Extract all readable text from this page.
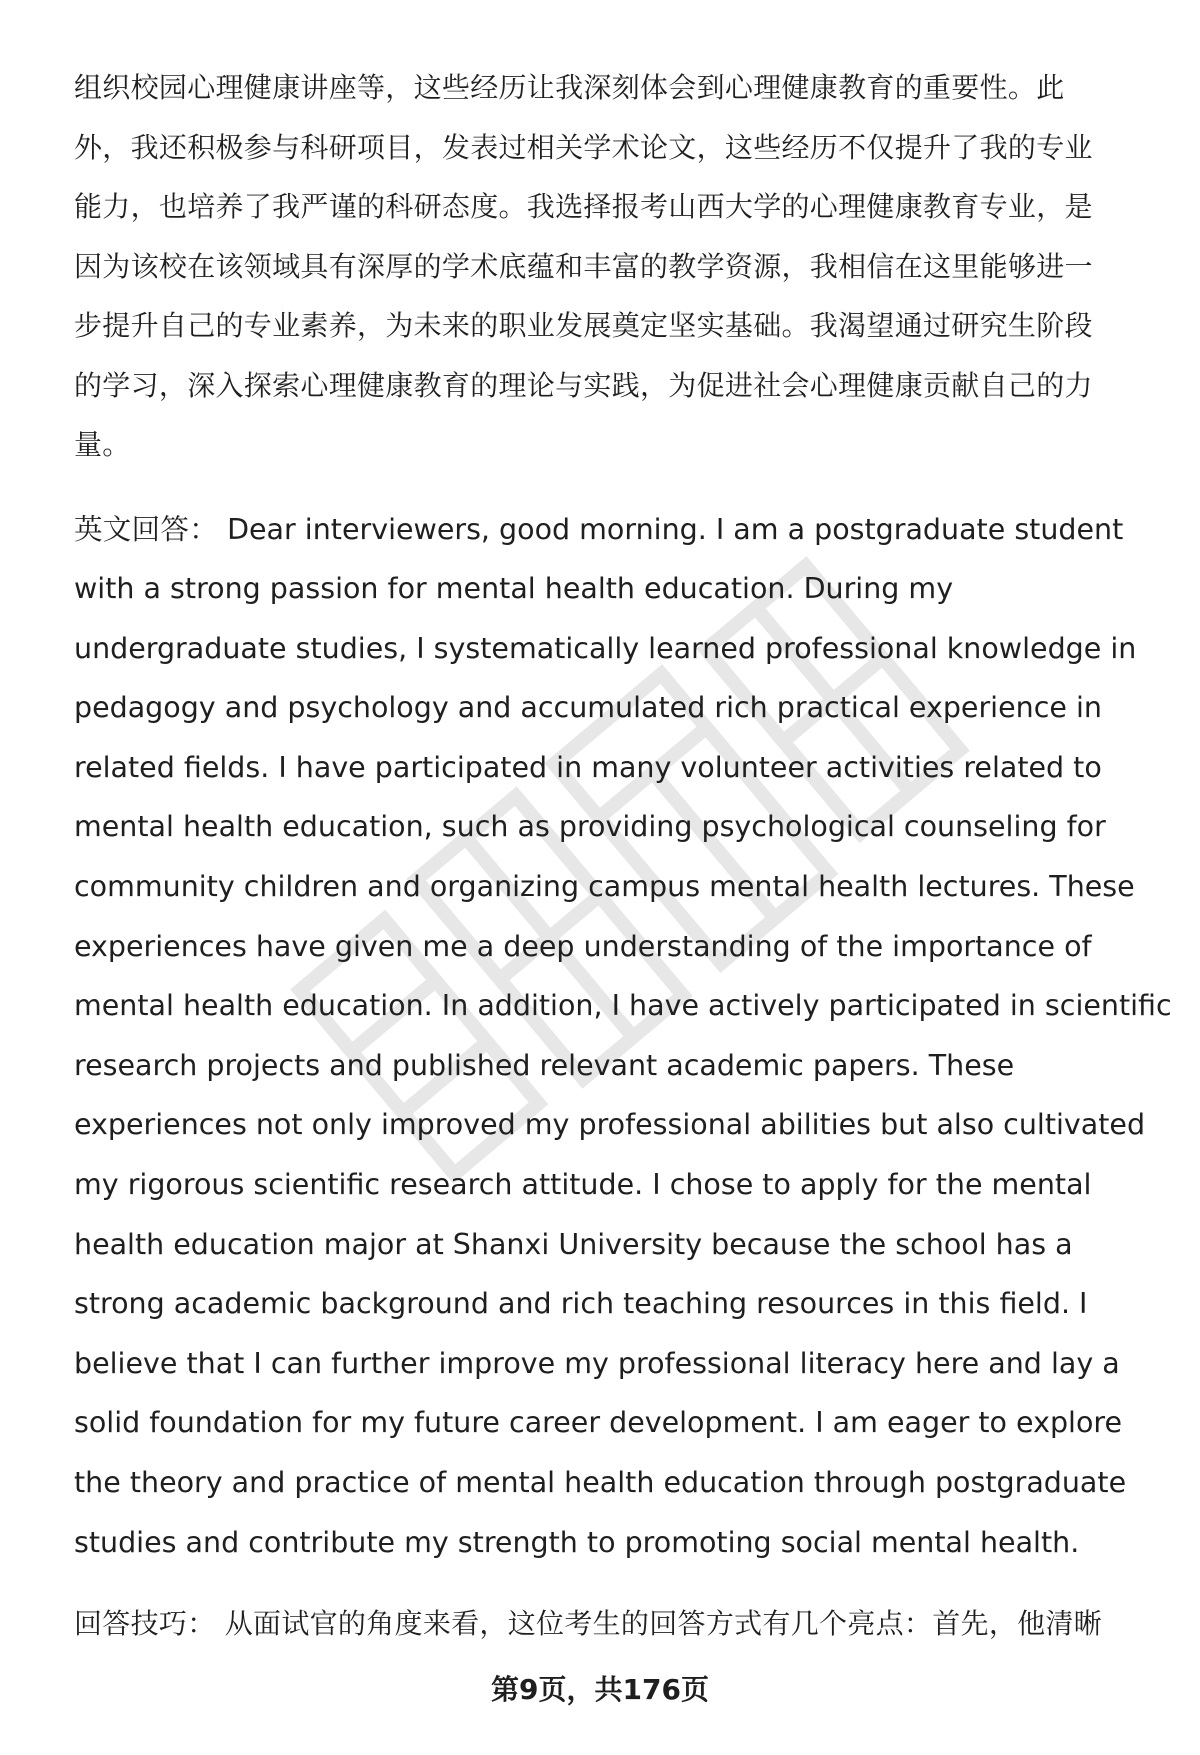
组织校园心理健康讲座等，这些经历让我深刻体会到心理健康教育的重要性。此
外，我还积极参与科研项目，发表过相关学术论文，这些经历不仅提升了我的专业
能力，也培养了我严谨的科研态度。我选择报考山西大学的心理健康教育专业，是
因为该校在该领域具有深厚的学术底蕴和丰富的教学资源，我相信在这里能够进一
步提升自己的专业素养，为未来的职业发展奠定坚实基础。我渴望通过研究生阶段
的学习，深入探索心理健康教育的理论与实践，为促进社会心理健康贡献自己的力
量。

英文回答： Dear interviewers, good morning. I am a postgraduate student
with a strong passion for mental health education. During my
undergraduate studies, I systematically learned professional knowledge in
pedagogy and psychology and accumulated rich practical experience in
related fields. I have participated in many volunteer activities related to
mental health education, such as providing psychological counseling for
community children and organizing campus mental health lectures. These
experiences have given me a deep understanding of the importance of
mental health education. In addition, I have actively participated in scientific
research projects and published relevant academic papers. These
experiences not only improved my professional abilities but also cultivated
my rigorous scientific research attitude. I chose to apply for the mental
health education major at Shanxi University because the school has a
strong academic background and rich teaching resources in this field. I
believe that I can further improve my professional literacy here and lay a
solid foundation for my future career development. I am eager to explore
the theory and practice of mental health education through postgraduate
studies and contribute my strength to promoting social mental health.

回答技巧： 从面试官的角度来看，这位考生的回答方式有几个亮点：首先，他清晰

第9页，共176页
